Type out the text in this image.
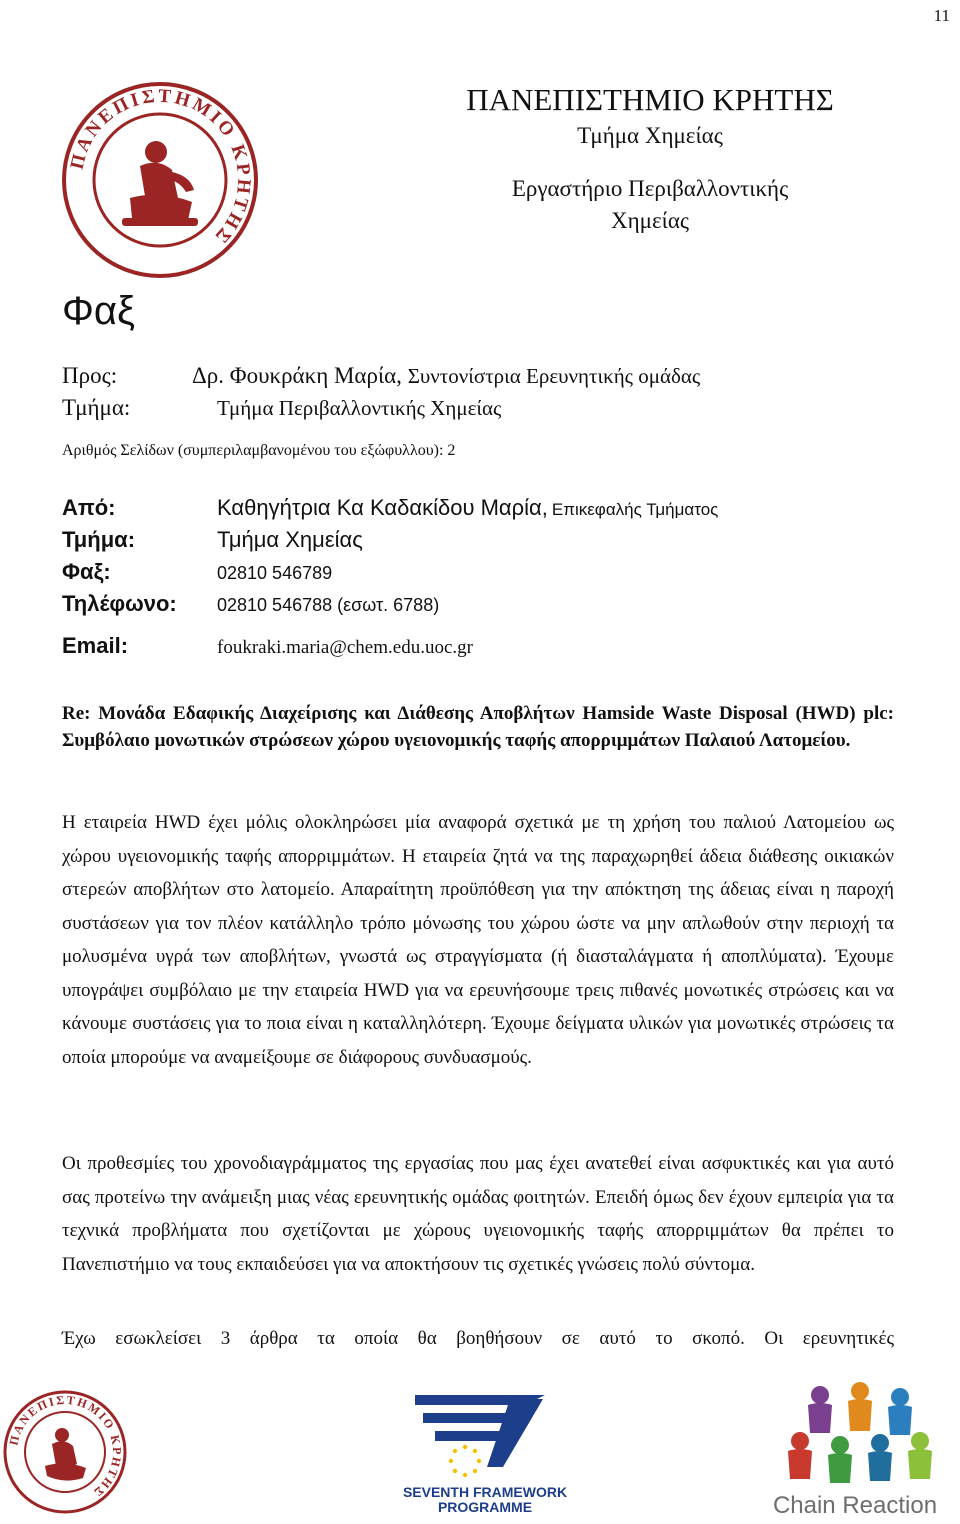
11
ΠΑΝΕΠΙΣΤΗΜΙΟ ΚΡΗΤΗΣ
ΠΑΝΕΠΙΣΤΗΜΙΟ ΚΡΗΤΗΣ
Τμήμα Χημείας
Εργαστήριο Περιβαλλοντικής
Χημείας
Φαξ
Προς:	Δρ. Φουκράκη Μαρία, Συντονίστρια Ερευνητικής ομάδας
Τμήμα:	Τμήμα Περιβαλλοντικής Χημείας
Αριθμός Σελίδων (συμπεριλαμβανομένου του εξώφυλλου): 2
Από:	Καθηγήτρια Κα Καδακίδου Μαρία, Επικεφαλής Τμήματος
Τμήμα:	Τμήμα Χημείας
Φαξ:	02810 546789
Τηλέφωνο: 02810 546788 (εσωτ. 6788)
Email:	foukraki.maria@chem.edu.uoc.gr
Re: Μονάδα Εδαφικής Διαχείρισης και Διάθεσης Αποβλήτων Hamside Waste Disposal (HWD) plc: Συμβόλαιο μονωτικών στρώσεων χώρου υγειονομικής ταφής απορριμμάτων Παλαιού Λατομείου.

Η εταιρεία HWD έχει μόλις ολοκληρώσει μία αναφορά σχετικά με τη χρήση του παλιού Λατομείου ως χώρου υγειονομικής ταφής απορριμμάτων. Η εταιρεία ζητά να της παραχωρηθεί άδεια διάθεσης οικιακών στερεών αποβλήτων στο λατομείο. Απαραίτητη προϋπόθεση για την απόκτηση της άδειας είναι η παροχή συστάσεων για τον πλέον κατάλληλο τρόπο μόνωσης του χώρου ώστε να μην απλωθούν στην περιοχή τα μολυσμένα υγρά των αποβλήτων, γνωστά ως στραγγίσματα (ή διασταλάγματα ή αποπλύματα). Έχουμε υπογράψει συμβόλαιο με την εταιρεία HWD για να ερευνήσουμε τρεις πιθανές μονωτικές στρώσεις και να κάνουμε συστάσεις για το ποια είναι η καταλληλότερη. Έχουμε δείγματα υλικών για μονωτικές στρώσεις τα οποία μπορούμε να αναμείξουμε σε διάφορους συνδυασμούς.

Οι προθεσμίες του χρονοδιαγράμματος της εργασίας που μας έχει ανατεθεί είναι ασφυκτικές και για αυτό σας προτείνω την ανάμειξη μιας νέας ερευνητικής ομάδας φοιτητών. Επειδή όμως δεν έχουν εμπειρία για τα τεχνικά προβλήματα που σχετίζονται με χώρους υγειονομικής ταφής απορριμμάτων θα πρέπει το Πανεπιστήμιο να τους εκπαιδεύσει για να αποκτήσουν τις σχετικές γνώσεις πολύ σύντομα.

Έχω εσωκλείσει 3 άρθρα τα οποία θα βοηθήσουν σε αυτό το σκοπό. Οι ερευνητικές

ΠΑΝΕΠΙΣΤΗΜΙΟ ΚΡΗΤΗΣ	SEVENTH FRAMEWORK
PROGRAMME	Chain Reaction
